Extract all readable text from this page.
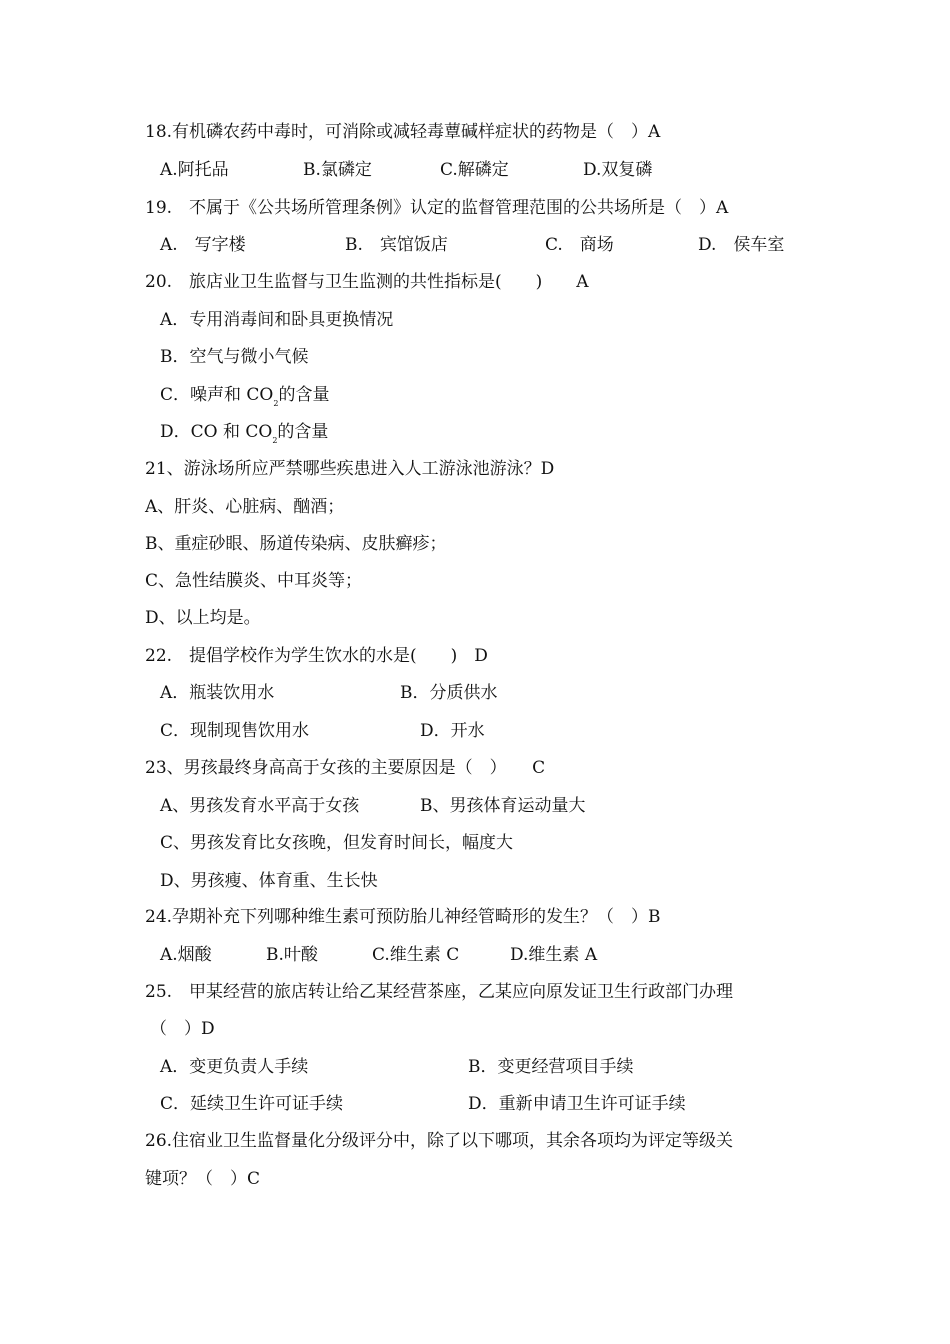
18.有机磷农药中毒时，可消除或减轻毒蕈碱样症状的药物是（　）A
A.阿托品	B.氯磷定	C.解磷定	D.双复磷
19.　不属于《公共场所管理条例》认定的监督管理范围的公共场所是（　）A
A.　写字楼	B.　宾馆饭店	C.　商场	D.　侯车室
20.　旅店业卫生监督与卫生监测的共性指标是(　　)　　A
A．专用消毒间和卧具更换情况
B．空气与微小气候
C．噪声和 $CO_2$的含量
D．CO 和 $CO_2$的含量
21、游泳场所应严禁哪些疾患进入人工游泳池游泳？D
A、肝炎、心脏病、酗酒；
B、重症砂眼、肠道传染病、皮肤癣疹；
C、急性结膜炎、中耳炎等；
D、以上均是。
22.　提倡学校作为学生饮水的水是(　　)　D
A．瓶装饮用水	B．分质供水
C．现制现售饮用水	D．开水
23、男孩最终身高高于女孩的主要原因是（　）　　C
A、男孩发育水平高于女孩	B、男孩体育运动量大
C、男孩发育比女孩晚，但发育时间长，幅度大
D、男孩瘦、体育重、生长快
24.孕期补充下列哪种维生素可预防胎儿神经管畸形的发生？（　）B
A.烟酸	B.叶酸	C.维生素 C	D.维生素 A
25.　甲某经营的旅店转让给乙某经营茶座，乙某应向原发证卫生行政部门办理
（　）D
A．变更负责人手续	B．变更经营项目手续
C．延续卫生许可证手续	D．重新申请卫生许可证手续
26.住宿业卫生监督量化分级评分中，除了以下哪项，其余各项均为评定等级关
键项？（　）C
